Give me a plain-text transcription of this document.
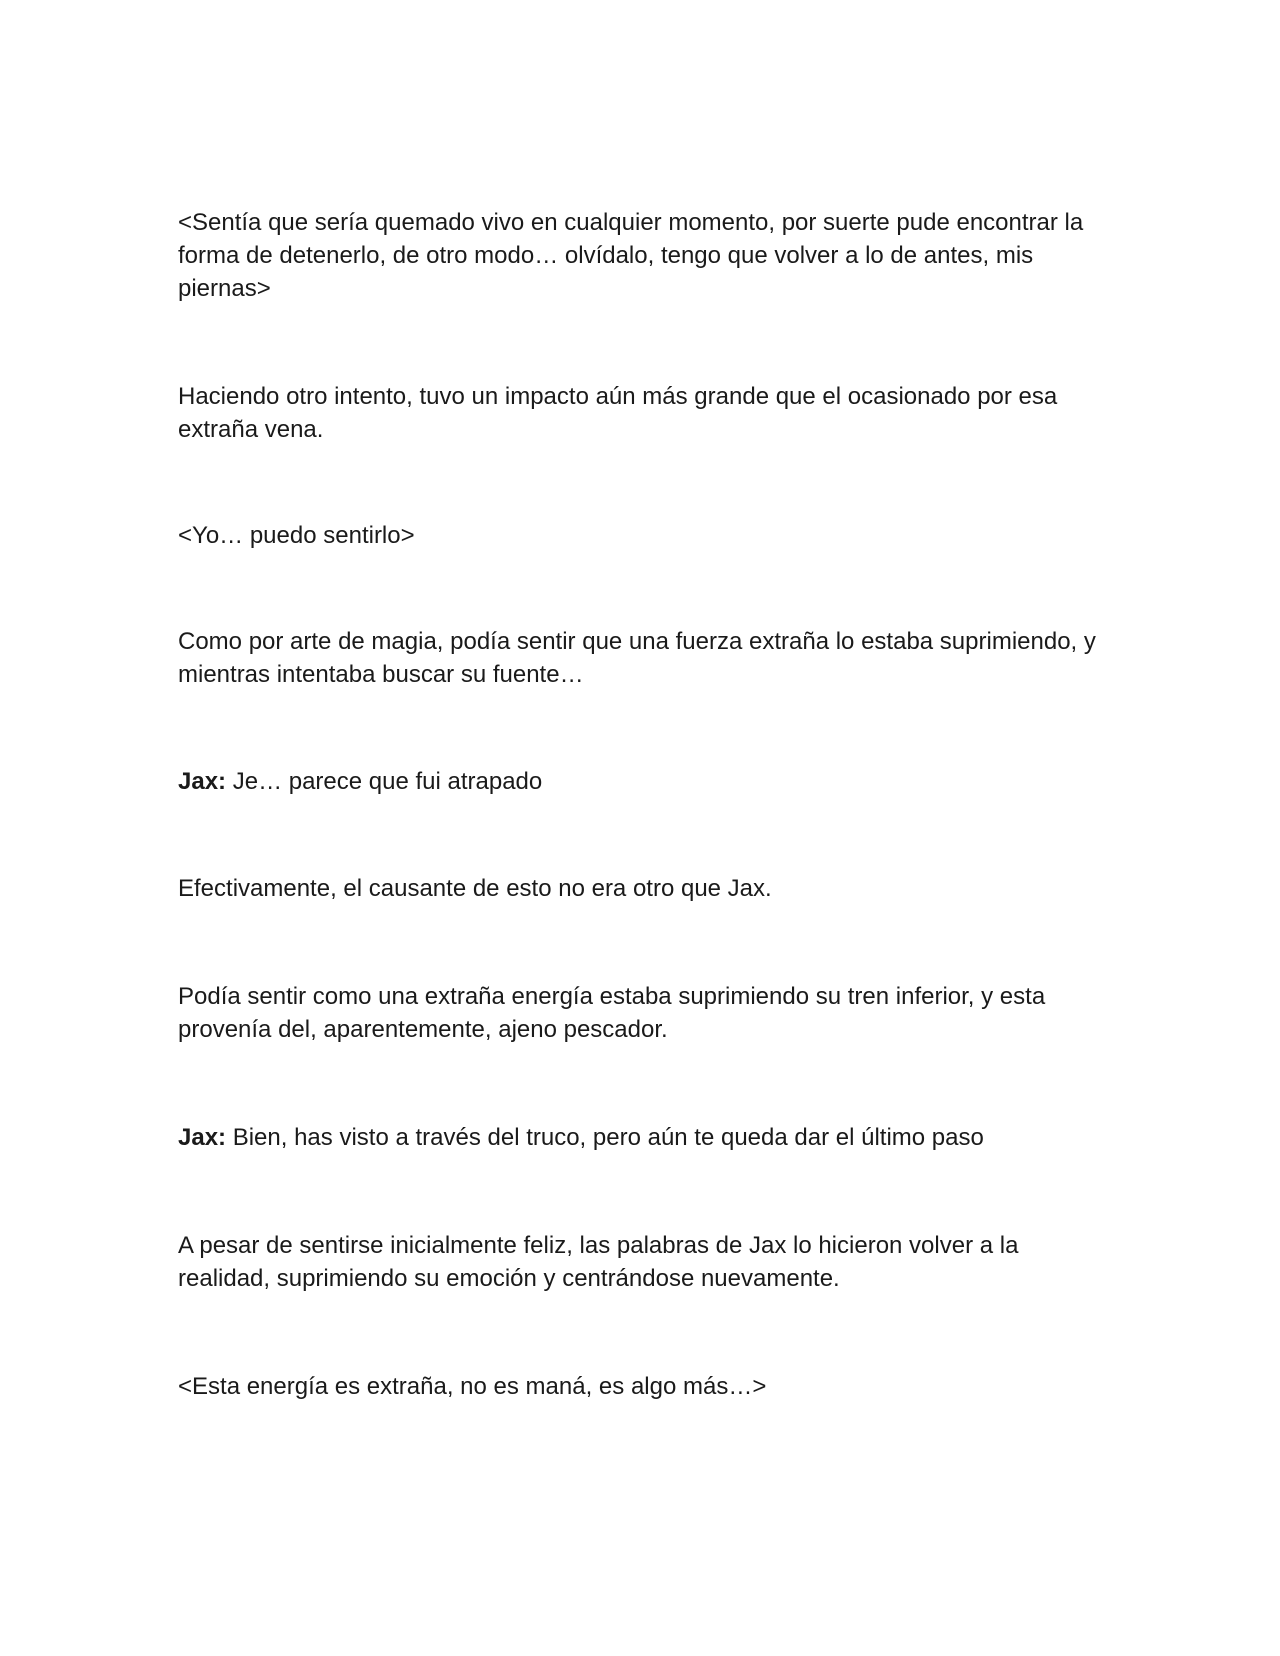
<Sentía que sería quemado vivo en cualquier momento, por suerte pude encontrar la forma de detenerlo, de otro modo… olvídalo, tengo que volver a lo de antes, mis piernas>

Haciendo otro intento, tuvo un impacto aún más grande que el ocasionado por esa extraña vena.

<Yo… puedo sentirlo>

Como por arte de magia, podía sentir que una fuerza extraña lo estaba suprimiendo, y mientras intentaba buscar su fuente…

Jax: Je… parece que fui atrapado

Efectivamente, el causante de esto no era otro que Jax.

Podía sentir como una extraña energía estaba suprimiendo su tren inferior, y esta provenía del, aparentemente, ajeno pescador.

Jax: Bien, has visto a través del truco, pero aún te queda dar el último paso

A pesar de sentirse inicialmente feliz, las palabras de Jax lo hicieron volver a la realidad, suprimiendo su emoción y centrándose nuevamente.

<Esta energía es extraña, no es maná, es algo más…>
